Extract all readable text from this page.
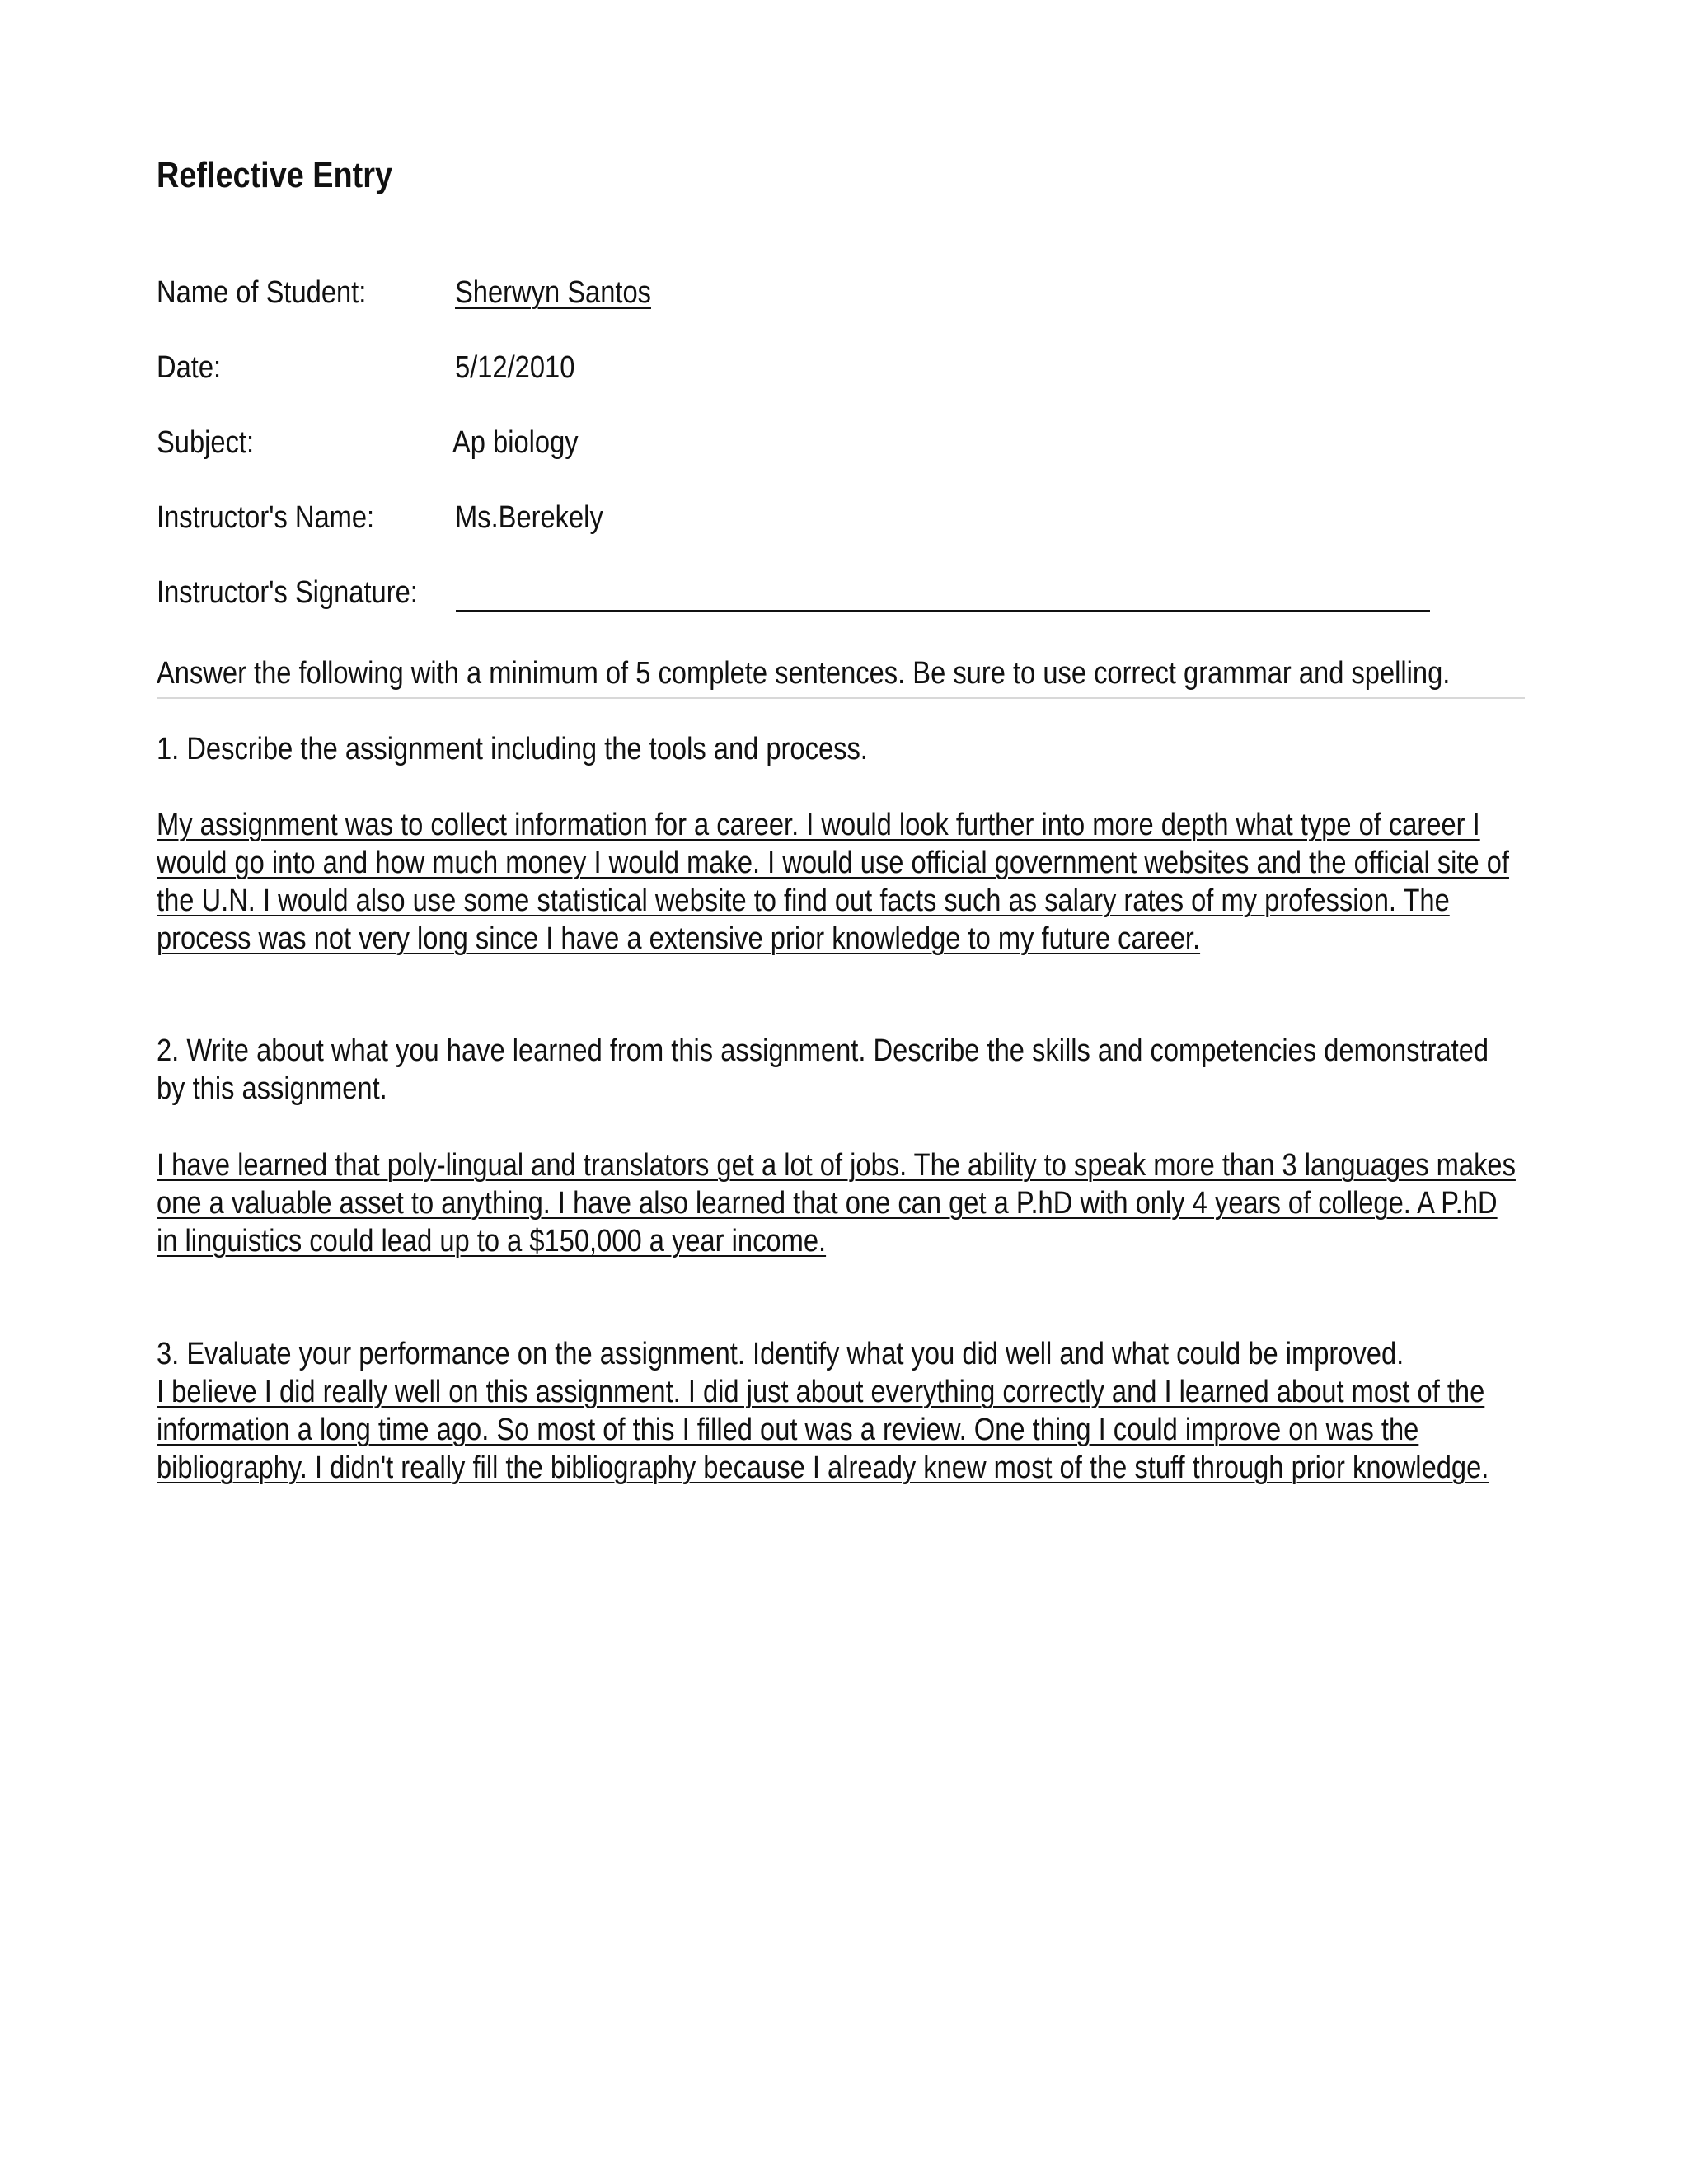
Reflective Entry
Name of Student:	Sherwyn Santos
Date:	5/12/2010
Subject:	Ap biology
Instructor's Name:	Ms.Berekely
Instructor's Signature:
Answer the following with a minimum of 5 complete sentences. Be sure to use correct grammar and spelling.
1. Describe the assignment including the tools and process.
My assignment was to collect information for a career. I would look further into more depth what type of career I
would go into and how much money I would make. I would use official government websites and the official site of
the U.N. I would also use some statistical website to find out facts such as salary rates of my profession. The
process was not very long since I have a extensive prior knowledge to my future career.
2. Write about what you have learned from this assignment. Describe the skills and competencies demonstrated
by this assignment.
I have learned that poly-lingual and translators get a lot of jobs. The ability to speak more than 3 languages makes
one a valuable asset to anything. I have also learned that one can get a P.hD with only 4 years of college. A P.hD
in linguistics could lead up to a $150,000 a year income.
3. Evaluate your performance on the assignment. Identify what you did well and what could be improved.
I believe I did really well on this assignment. I did just about everything correctly and I learned about most of the
information a long time ago. So most of this I filled out was a review. One thing I could improve on was the
bibliography. I didn't really fill the bibliography because I already knew most of the stuff through prior knowledge.
